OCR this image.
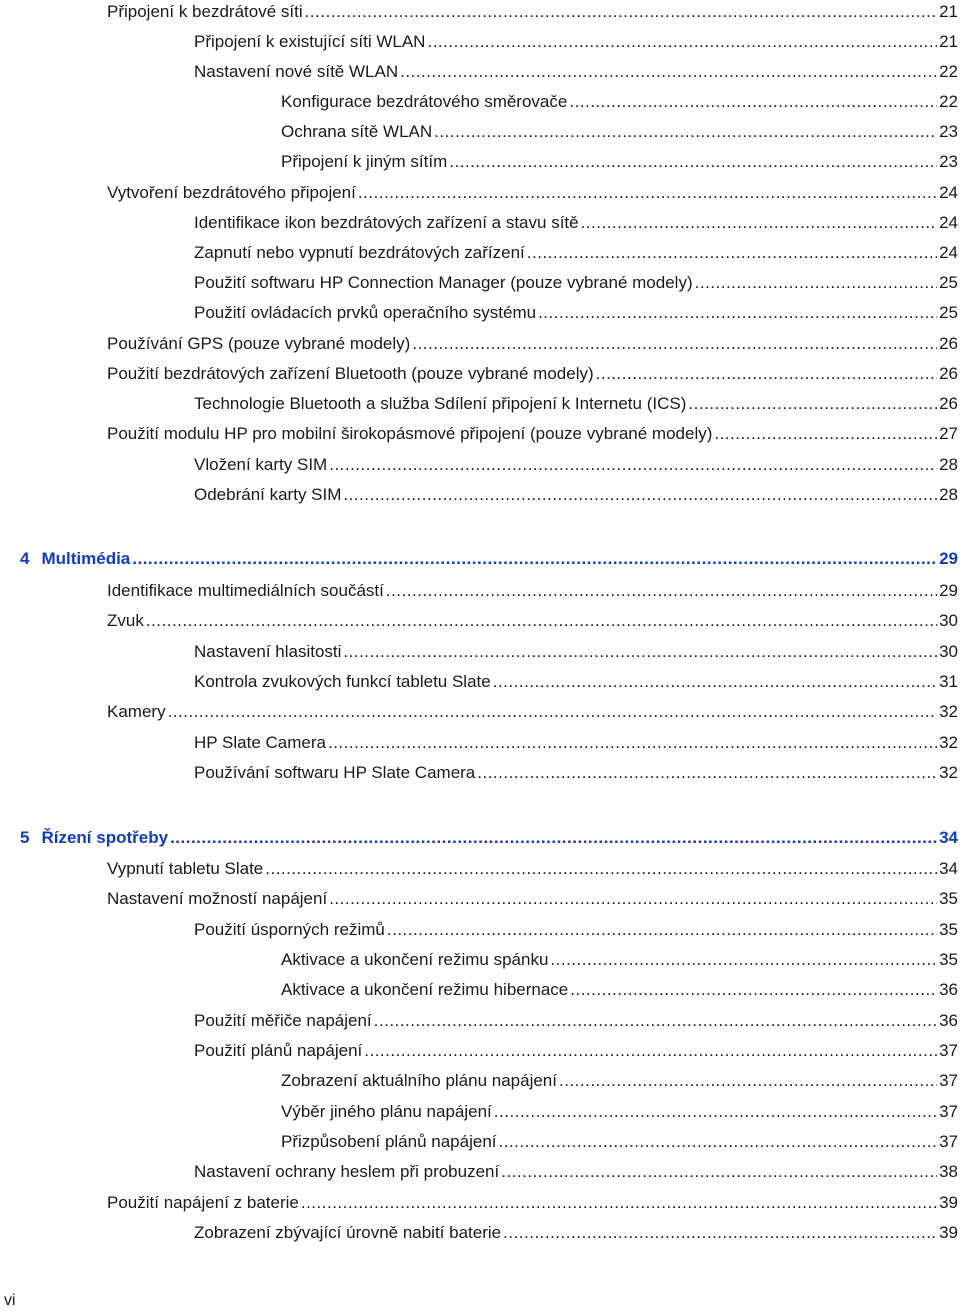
Připojení k bezdrátové síti .....	21
Připojení k existující síti WLAN .....	21
Nastavení nové sítě WLAN .....	22
Konfigurace bezdrátového směrovače .....	22
Ochrana sítě WLAN .....	23
Připojení k jiným sítím .....	23
Vytvoření bezdrátového připojení .....	24
Identifikace ikon bezdrátových zařízení a stavu sítě .....	24
Zapnutí nebo vypnutí bezdrátových zařízení .....	24
Použití softwaru HP Connection Manager (pouze vybrané modely) .....	25
Použití ovládacích prvků operačního systému .....	25
Používání GPS (pouze vybrané modely) .....	26
Použití bezdrátových zařízení Bluetooth (pouze vybrané modely) .....	26
Technologie Bluetooth a služba Sdílení připojení k Internetu (ICS) .....	26
Použití modulu HP pro mobilní širokopásmové připojení (pouze vybrané modely) .....	27
Vložení karty SIM .....	28
Odebrání karty SIM .....	28
4 Multimédia .....	29
Identifikace multimediálních součástí .....	29
Zvuk .....	30
Nastavení hlasitosti .....	30
Kontrola zvukových funkcí tabletu Slate .....	31
Kamery .....	32
HP Slate Camera .....	32
Používání softwaru HP Slate Camera .....	32
5 Řízení spotřeby .....	34
Vypnutí tabletu Slate .....	34
Nastavení možností napájení .....	35
Použití úsporných režimů .....	35
Aktivace a ukončení režimu spánku .....	35
Aktivace a ukončení režimu hibernace .....	36
Použití měřiče napájení .....	36
Použití plánů napájení .....	37
Zobrazení aktuálního plánu napájení .....	37
Výběr jiného plánu napájení .....	37
Přizpůsobení plánů napájení .....	37
Nastavení ochrany heslem při probuzení .....	38
Použití napájení z baterie .....	39
Zobrazení zbývající úrovně nabití baterie .....	39
vi
